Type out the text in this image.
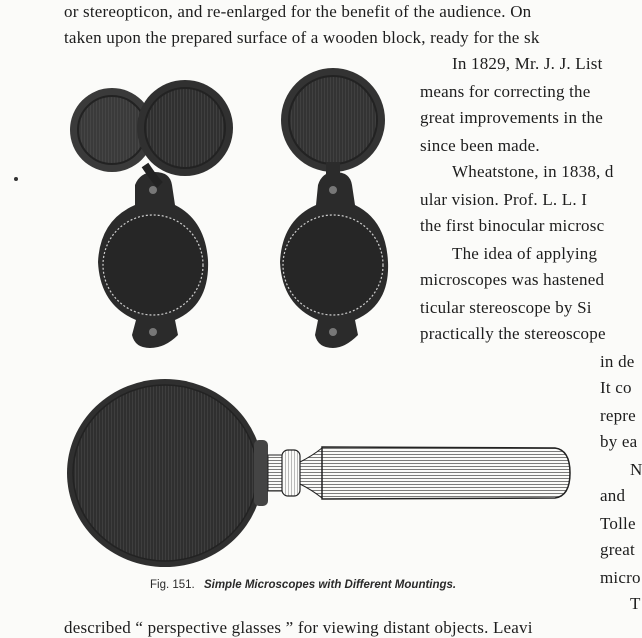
or stereopticon, and re-enlarged for the benefit of the audience. On
taken upon the prepared surface of a wooden block, ready for the sk
In 1829, Mr. J. J. List
means for correcting the
great improvements in the
since been made.
Wheatstone, in 1838, d
ular vision. Prof. L. L. I
the first binocular microsc
The idea of applying
microscopes was hastened
ticular stereoscope by Si
practically the stereoscope
in de
It co
repre
by ea
N
and
Tolle
great
micro
T
described “ perspective glasses ” for viewing distant objects. Leavi
Fig. 151. Simple Microscopes with Different Mountings.
